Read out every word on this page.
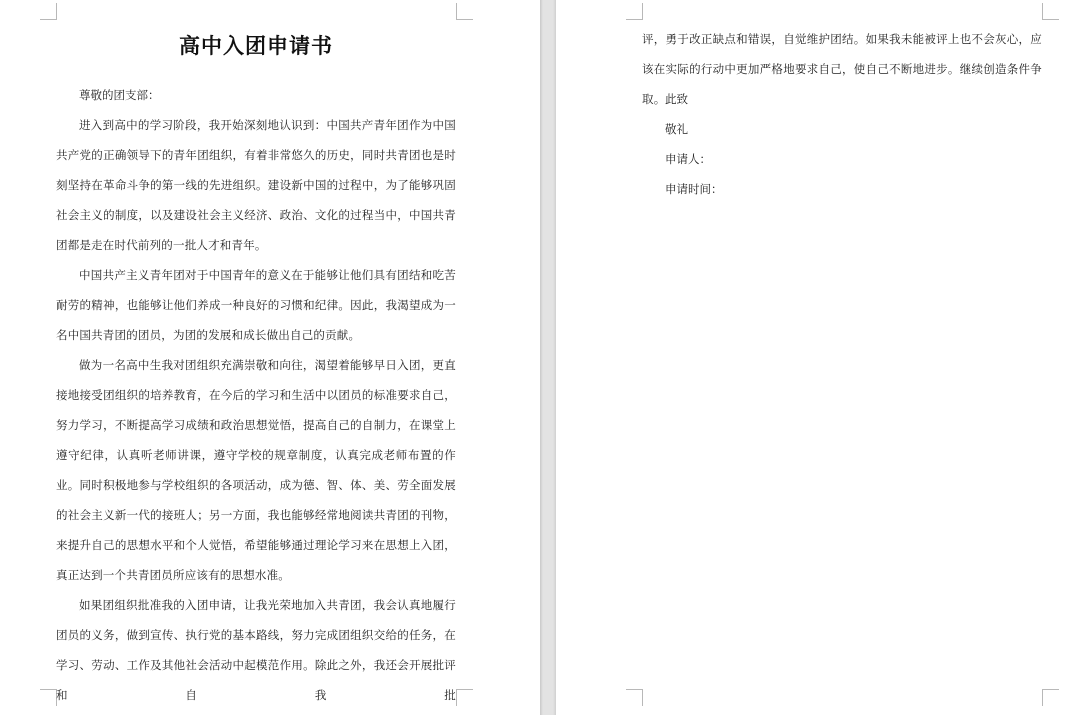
高中入团申请书

尊敬的团支部：

进入到高中的学习阶段，我开始深刻地认识到：中国共产青年团作为中国共产党的正确领导下的青年团组织，有着非常悠久的历史，同时共青团也是时刻坚持在革命斗争的第一线的先进组织。建设新中国的过程中，为了能够巩固社会主义的制度，以及建设社会主义经济、政治、文化的过程当中，中国共青团都是走在时代前列的一批人才和青年。

中国共产主义青年团对于中国青年的意义在于能够让他们具有团结和吃苦耐劳的精神，也能够让他们养成一种良好的习惯和纪律。因此，我渴望成为一名中国共青团的团员，为团的发展和成长做出自己的贡献。

做为一名高中生我对团组织充满崇敬和向往，渴望着能够早日入团，更直接地接受团组织的培养教育，在今后的学习和生活中以团员的标准要求自己，努力学习，不断提高学习成绩和政治思想觉悟，提高自己的自制力，在课堂上遵守纪律，认真听老师讲课，遵守学校的规章制度，认真完成老师布置的作业。同时积极地参与学校组织的各项活动，成为德、智、体、美、劳全面发展的社会主义新一代的接班人；另一方面，我也能够经常地阅读共青团的刊物，来提升自己的思想水平和个人觉悟，希望能够通过理论学习来在思想上入团，真正达到一个共青团员所应该有的思想水准。

如果团组织批准我的入团申请，让我光荣地加入共青团，我会认真地履行团员的义务，做到宣传、执行党的基本路线，努力完成团组织交给的任务，在学习、劳动、工作及其他社会活动中起模范作用。除此之外，我还会开展批评和自我批

评，勇于改正缺点和错误，自觉维护团结。如果我未能被评上也不会灰心，应该在实际的行动中更加严格地要求自己，使自己不断地进步。继续创造条件争取。 此致

敬礼

申请人：

申请时间：
